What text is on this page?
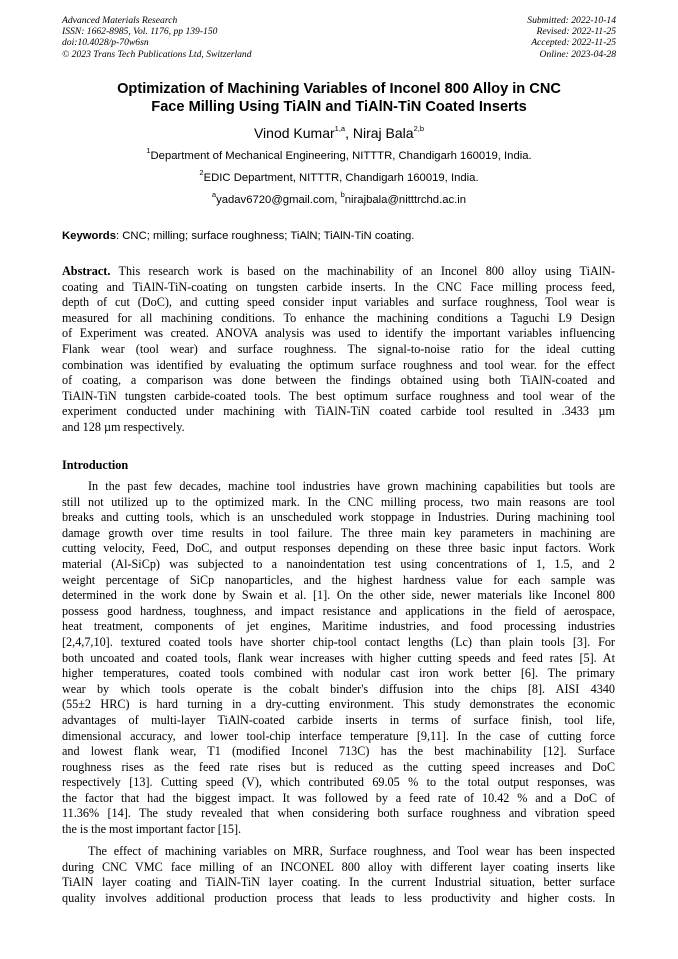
Advanced Materials Research
ISSN: 1662-8985, Vol. 1176, pp 139-150
doi:10.4028/p-70w6sn
© 2023 Trans Tech Publications Ltd, Switzerland
Submitted: 2022-10-14
Revised: 2022-11-25
Accepted: 2022-11-25
Online: 2023-04-28
Optimization of Machining Variables of Inconel 800 Alloy in CNC
Face Milling Using TiAlN and TiAlN-TiN Coated Inserts
Vinod Kumar$^{1,a}$, Niraj Bala$^{2,b}$
$^1$Department of Mechanical Engineering, NITTTR, Chandigarh 160019, India.
$^2$EDIC Department, NITTTR, Chandigarh 160019, India.
$^a$yadav6720@gmail.com, $^b$nirajbala@nitttrchd.ac.in
Keywords: CNC; milling; surface roughness; TiAlN; TiAlN-TiN coating.
Abstract. This research work is based on the machinability of an Inconel 800 alloy using TiAlN-
coating and TiAlN-TiN-coating on tungsten carbide inserts. In the CNC Face milling process feed,
depth of cut (DoC), and cutting speed consider input variables and surface roughness, Tool wear is
measured for all machining conditions. To enhance the machining conditions a Taguchi L9 Design
of Experiment was created. ANOVA analysis was used to identify the important variables influencing
Flank wear (tool wear) and surface roughness. The signal-to-noise ratio for the ideal cutting
combination was identified by evaluating the optimum surface roughness and tool wear. for the effect
of coating, a comparison was done between the findings obtained using both TiAlN-coated and
TiAlN-TiN tungsten carbide-coated tools. The best optimum surface roughness and tool wear of the
experiment conducted under machining with TiAlN-TiN coated carbide tool resulted in .3433 µm
and 128 µm respectively.
Introduction
In the past few decades, machine tool industries have grown machining capabilities but tools are
still not utilized up to the optimized mark. In the CNC milling process, two main reasons are tool
breaks and cutting tools, which is an unscheduled work stoppage in Industries. During machining tool
damage growth over time results in tool failure. The three main key parameters in machining are
cutting velocity, Feed, DoC, and output responses depending on these three basic input factors. Work
material (Al-SiCp) was subjected to a nanoindentation test using concentrations of 1, 1.5, and 2
weight percentage of SiCp nanoparticles, and the highest hardness value for each sample was
determined in the work done by Swain et al. [1]. On the other side, newer materials like Inconel 800
possess good hardness, toughness, and impact resistance and applications in the field of aerospace,
heat treatment, components of jet engines, Maritime industries, and food processing industries
[2,4,7,10]. textured coated tools have shorter chip-tool contact lengths (Lc) than plain tools [3]. For
both uncoated and coated tools, flank wear increases with higher cutting speeds and feed rates [5]. At
higher temperatures, coated tools combined with nodular cast iron work better [6]. The primary
wear by which tools operate is the cobalt binder's diffusion into the chips [8]. AISI 4340
(55±2 HRC) is hard turning in a dry-cutting environment. This study demonstrates the economic
advantages of multi-layer TiAlN-coated carbide inserts in terms of surface finish, tool life,
dimensional accuracy, and lower tool-chip interface temperature [9,11]. In the case of cutting force
and lowest flank wear, T1 (modified Inconel 713C) has the best machinability [12]. Surface
roughness rises as the feed rate rises but is reduced as the cutting speed increases and DoC
respectively [13]. Cutting speed (V), which contributed 69.05 % to the total output responses, was
the factor that had the biggest impact. It was followed by a feed rate of 10.42 % and a DoC of
11.36% [14]. The study revealed that when considering both surface roughness and vibration speed
the is the most important factor [15].
The effect of machining variables on MRR, Surface roughness, and Tool wear has been inspected
during CNC VMC face milling of an INCONEL 800 alloy with different layer coating inserts like
TiAlN layer coating and TiAlN-TiN layer coating. In the current Industrial situation, better surface
quality involves additional production process that leads to less productivity and higher costs. In
